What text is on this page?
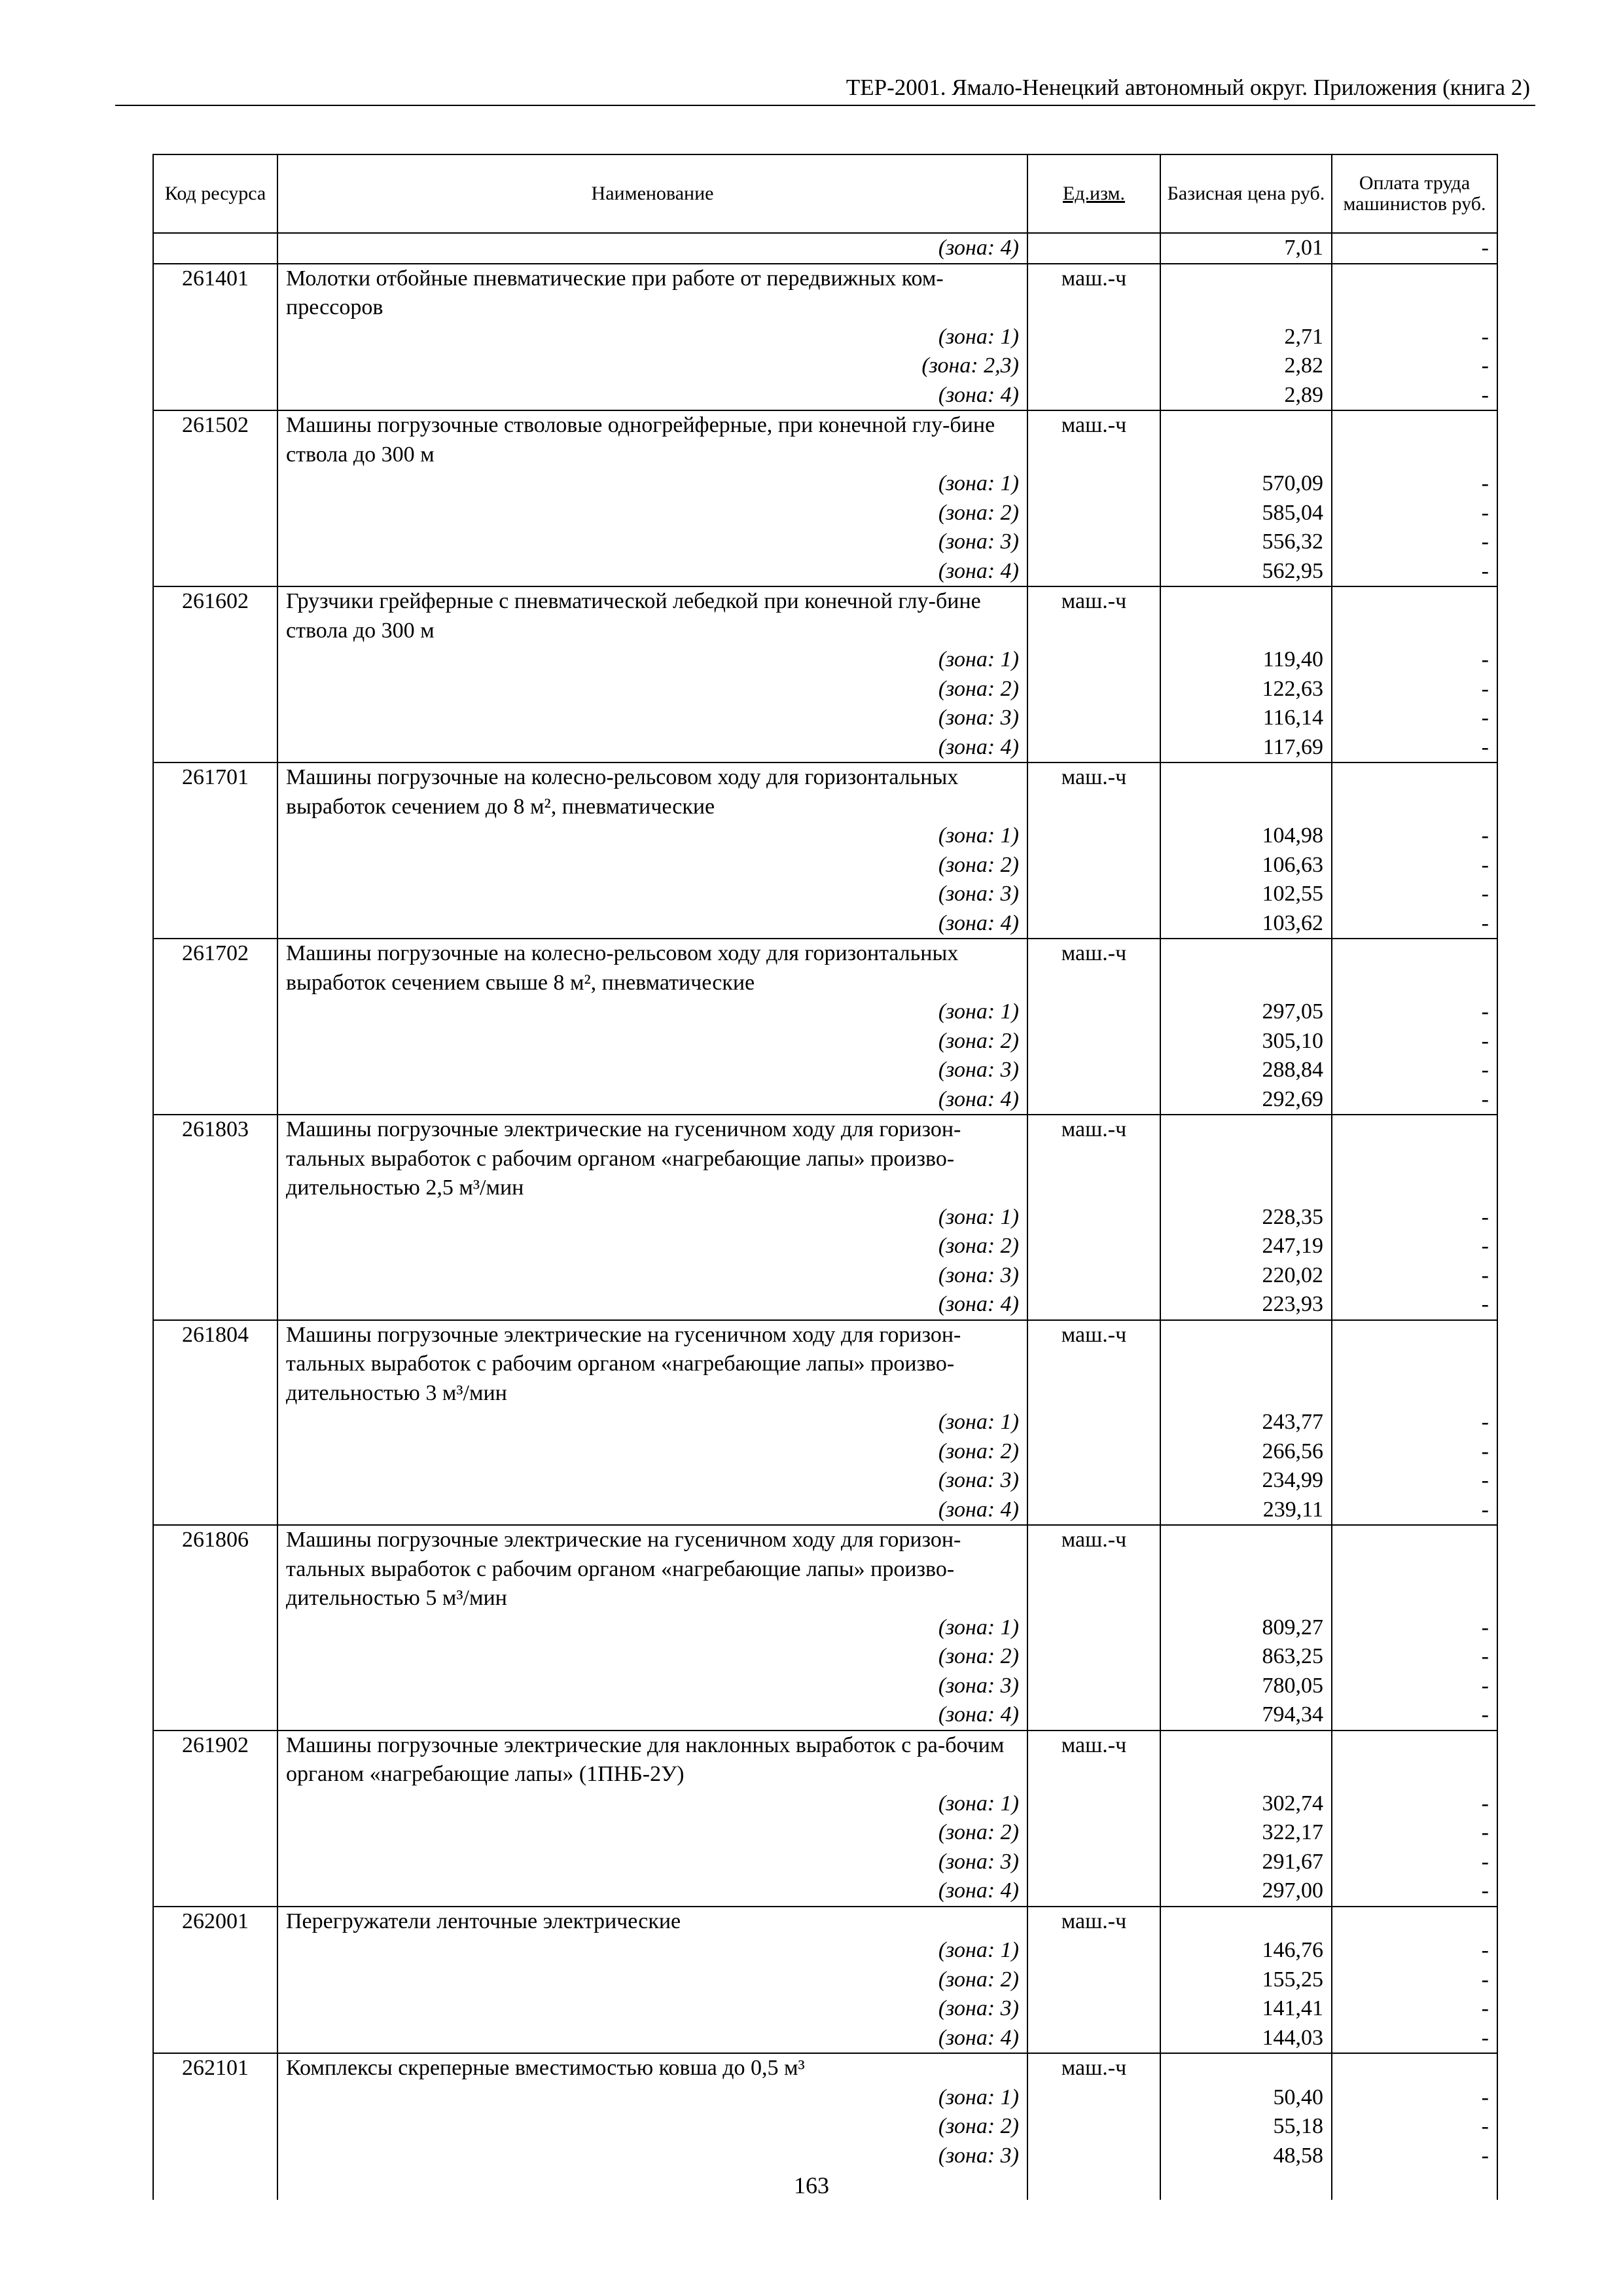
ТЕР-2001. Ямало-Ненецкий автономный округ. Приложения (книга 2)
Код ресурса	Наименование	Ед.изм.	Базисная цена руб.	Оплата труда машинистов руб.
	(зона: 4)		7,01	-
261401	Молотки отбойные пневматические при работе от передвижных ком-прессоров	маш.-ч		
	(зона: 1)		2,71	-
	(зона: 2,3)		2,82	-
	(зона: 4)		2,89	-
261502	Машины погрузочные стволовые одногрейферные, при конечной глу-бине ствола до 300 м	маш.-ч		
	(зона: 1)		570,09	-
	(зона: 2)		585,04	-
	(зона: 3)		556,32	-
	(зона: 4)		562,95	-
261602	Грузчики грейферные с пневматической лебедкой при конечной глу-бине ствола до 300 м	маш.-ч		
	(зона: 1)		119,40	-
	(зона: 2)		122,63	-
	(зона: 3)		116,14	-
	(зона: 4)		117,69	-
261701	Машины погрузочные на колесно-рельсовом ходу для горизонтальных выработок сечением до 8 м², пневматические	маш.-ч		
	(зона: 1)		104,98	-
	(зона: 2)		106,63	-
	(зона: 3)		102,55	-
	(зона: 4)		103,62	-
261702	Машины погрузочные на колесно-рельсовом ходу для горизонтальных выработок сечением свыше 8 м², пневматические	маш.-ч		
	(зона: 1)		297,05	-
	(зона: 2)		305,10	-
	(зона: 3)		288,84	-
	(зона: 4)		292,69	-
261803	Машины погрузочные электрические на гусеничном ходу для горизон-тальных выработок с рабочим органом «нагребающие лапы» произво-дительностью 2,5 м³/мин	маш.-ч		
	(зона: 1)		228,35	-
	(зона: 2)		247,19	-
	(зона: 3)		220,02	-
	(зона: 4)		223,93	-
261804	Машины погрузочные электрические на гусеничном ходу для горизон-тальных выработок с рабочим органом «нагребающие лапы» произво-дительностью 3 м³/мин	маш.-ч		
	(зона: 1)		243,77	-
	(зона: 2)		266,56	-
	(зона: 3)		234,99	-
	(зона: 4)		239,11	-
261806	Машины погрузочные электрические на гусеничном ходу для горизон-тальных выработок с рабочим органом «нагребающие лапы» произво-дительностью 5 м³/мин	маш.-ч		
	(зона: 1)		809,27	-
	(зона: 2)		863,25	-
	(зона: 3)		780,05	-
	(зона: 4)		794,34	-
261902	Машины погрузочные электрические для наклонных выработок с ра-бочим органом «нагребающие лапы» (1ПНБ-2У)	маш.-ч		
	(зона: 1)		302,74	-
	(зона: 2)		322,17	-
	(зона: 3)		291,67	-
	(зона: 4)		297,00	-
262001	Перегружатели ленточные электрические	маш.-ч		
	(зона: 1)		146,76	-
	(зона: 2)		155,25	-
	(зона: 3)		141,41	-
	(зона: 4)		144,03	-
262101	Комплексы скреперные вместимостью ковша до 0,5 м³	маш.-ч		
	(зона: 1)		50,40	-
	(зона: 2)		55,18	-
	(зона: 3)		48,58	-

163
